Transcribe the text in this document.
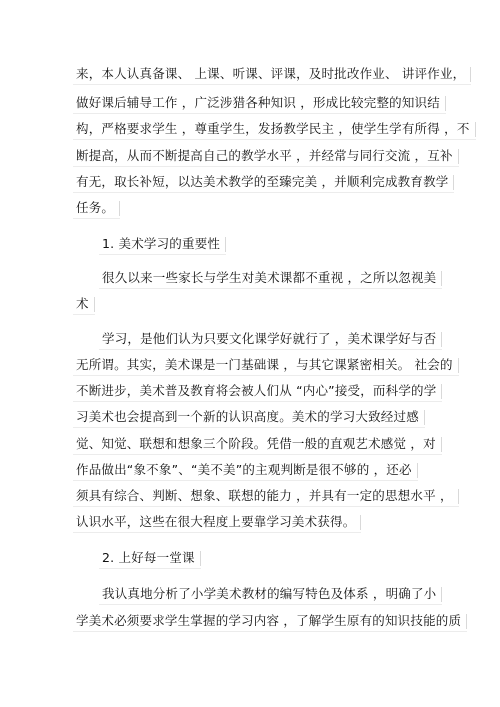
来，本人认真备课、 上课、听课、评课，及时批改作业、 讲评作业，
做好课后辅导工作 ，广泛涉猎各种知识 ，形成比较完整的知识结
构，严格要求学生 ，尊重学生，发扬教学民主 ，使学生学有所得 ，不
断提高，从而不断提高自己的教学水平 ，并经常与同行交流 ，互补
有无，取长补短，以达美术教学的至臻完美 ，并顺利完成教育教学
任务。
1. 美术学习的重要性
很久以来一些家长与学生对美术课都不重视 ，之所以忽视美
术
学习，是他们认为只要文化课学好就行了 ，美术课学好与否
无所谓。其实，美术课是一门基础课 ，与其它课紧密相关。 社会的
不断进步，美术普及教育将会被人们从 “内心”接受，而科学的学
习美术也会提高到一个新的认识高度。美术的学习大致经过感
觉、知觉、联想和想象三个阶段。凭借一般的直观艺术感觉 ，对
作品做出“象不象”、“美不美”的主观判断是很不够的 ，还必
须具有综合、判断、想象、联想的能力 ，并具有一定的思想水平 ，
认识水平，这些在很大程度上要靠学习美术获得。
2. 上好每一堂课
我认真地分析了小学美术教材的编写特色及体系 ，明确了小
学美术必须要求学生掌握的学习内容 ，了解学生原有的知识技能的质
